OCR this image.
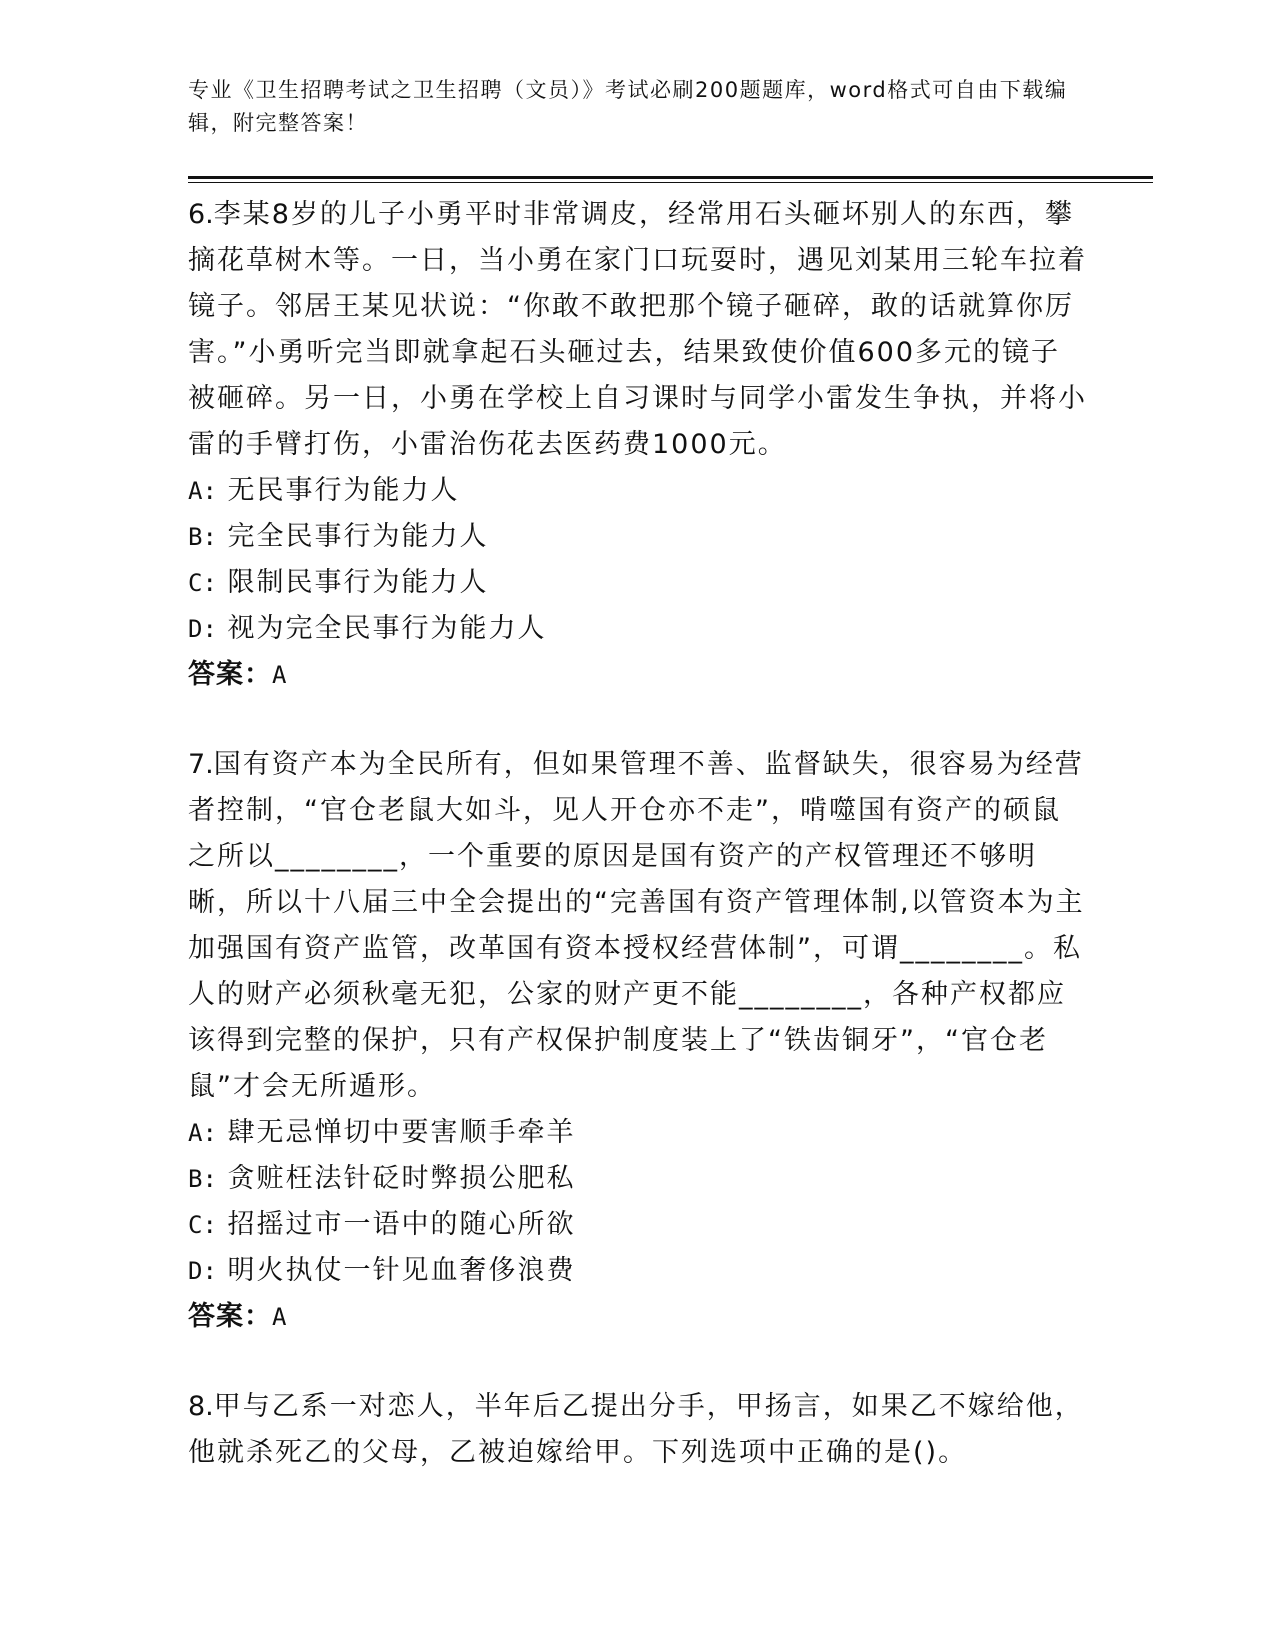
专业《卫生招聘考试之卫生招聘（文员）》考试必刷200题题库，word格式可自由下载编辑，附完整答案！

6.李某8岁的儿子小勇平时非常调皮，经常用石头砸坏别人的东西，攀摘花草树木等。一日，当小勇在家门口玩耍时，遇见刘某用三轮车拉着镜子。邻居王某见状说：“你敢不敢把那个镜子砸碎，敢的话就算你厉害。”小勇听完当即就拿起石头砸过去，结果致使价值600多元的镜子被砸碎。另一日，小勇在学校上自习课时与同学小雷发生争执，并将小雷的手臂打伤，小雷治伤花去医药费1000元。

A: 无民事行为能力人
B: 完全民事行为能力人
C: 限制民事行为能力人
D: 视为完全民事行为能力人
答案：A

7.国有资产本为全民所有，但如果管理不善、监督缺失，很容易为经营者控制，“官仓老鼠大如斗，见人开仓亦不走”，啃噬国有资产的硕鼠之所以________，一个重要的原因是国有资产的产权管理还不够明晰，所以十八届三中全会提出的“完善国有资产管理体制,以管资本为主加强国有资产监管，改革国有资本授权经营体制”，可谓________。私人的财产必须秋毫无犯，公家的财产更不能________，各种产权都应该得到完整的保护，只有产权保护制度装上了“铁齿铜牙”，“官仓老鼠”才会无所遁形。

A: 肆无忌惮切中要害顺手牵羊
B: 贪赃枉法针砭时弊损公肥私
C: 招摇过市一语中的随心所欲
D: 明火执仗一针见血奢侈浪费
答案：A

8.甲与乙系一对恋人，半年后乙提出分手，甲扬言，如果乙不嫁给他，他就杀死乙的父母，乙被迫嫁给甲。下列选项中正确的是()。
